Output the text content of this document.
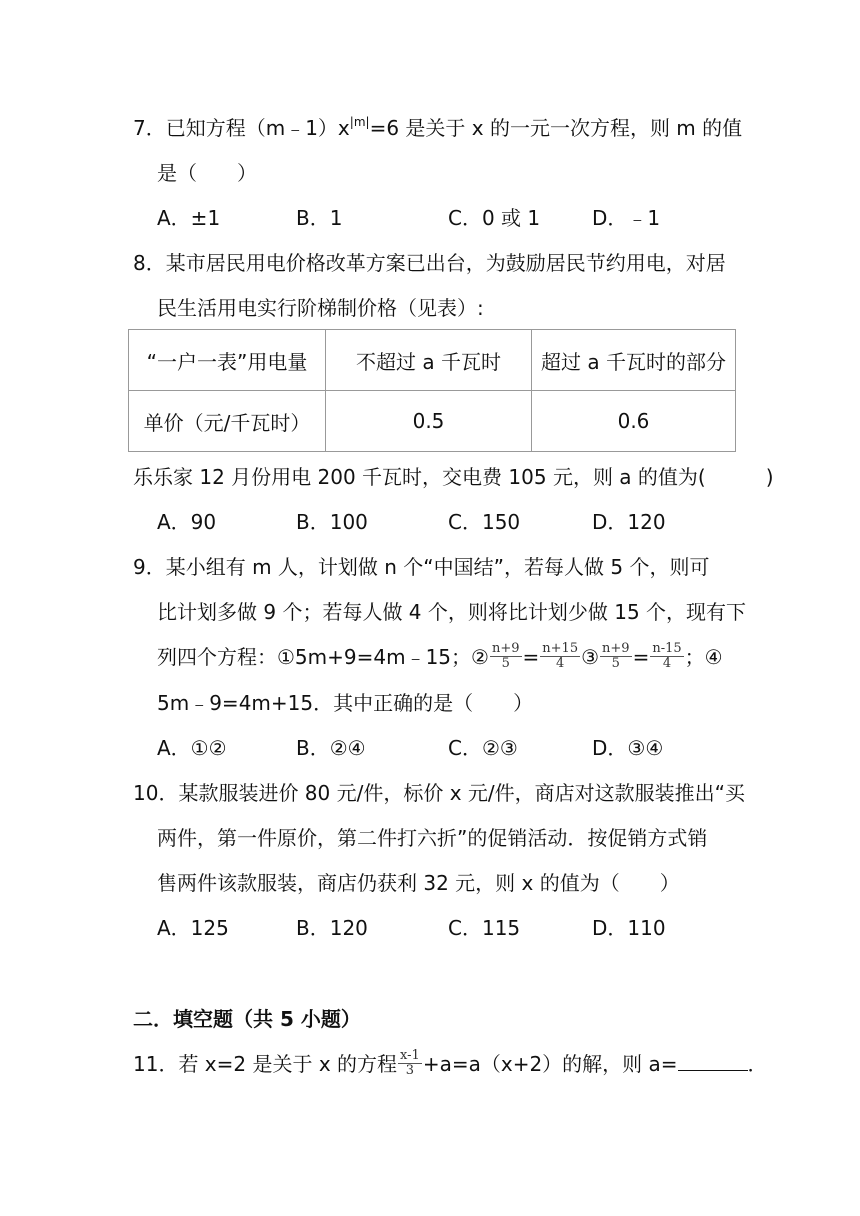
7．已知方程$(m﹣1)x^{|m|}=6$ 是关于 x 的一元一次方程，则 m 的值
是（　　）
A．±1	B．1	C．0 或 1	D．﹣1
8．某市居民用电价格改革方案已出台，为鼓励居民节约用电，对居
民生活用电实行阶梯制价格（见表）:
“一户一表”用电量	不超过 a 千瓦时	超过 a 千瓦时的部分
单价（元/千瓦时）	0.5	0.6
乐乐家 12 月份用电 200 千瓦时，交电费 105 元，则 a 的值为(　　　)
A．90	B．100	C．150	D．120
9．某小组有 m 人，计划做 n 个“中国结”，若每人做 5 个，则可
比计划多做 9 个；若每人做 4 个，则将比计划少做 15 个，现有下
列四个方程：①5m+9=4m﹣15；② $\frac{n+9}{5} = \frac{n+15}{4}$ ③ $\frac{n+9}{5} = \frac{n-15}{4}$ ；④
5m﹣9=4m+15．其中正确的是（　　）
A．①②	B．②④	C．②③	D．③④
10．某款服装进价 80 元/件，标价 x 元/件，商店对这款服装推出“买
两件，第一件原价，第二件打六折”的促销活动．按促销方式销
售两件该款服装，商店仍获利 32 元，则 x 的值为（　　）
A．125	B．120	C．115	D．110
二．填空题（共 5 小题）
11．若 x=2 是关于 x 的方程 $\frac{x-1}{3} +a=a(x+2)$的解，则 a=	．
